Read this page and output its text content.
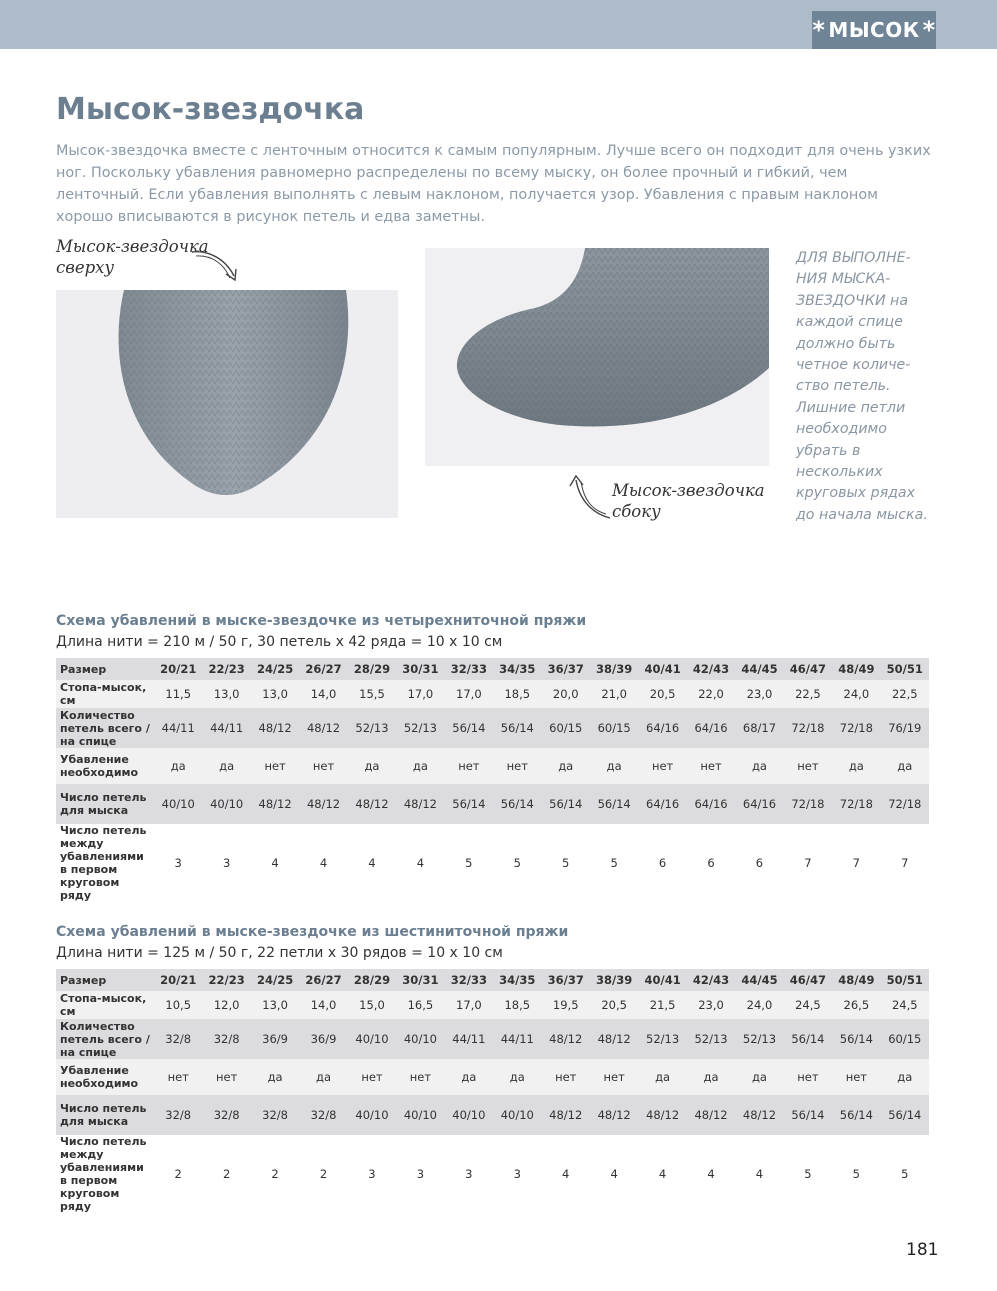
* МЫСОК *
Мысок-звездочка

Мысок-звездочка вместе с ленточным относится к самым популярным. Лучше всего он подходит для очень узких ног. Поскольку убавления равномерно распределены по всему мыску, он более прочный и гибкий, чем ленточный. Если убавления выполнять с левым наклоном, получается узор. Убавления с правым наклоном хорошо вписываются в рисунок петель и едва заметны.

Мысок-звездочка
сверху
Мысок-звездочка
сбоку

ДЛЯ ВЫПОЛНЕ-НИЯ МЫСКА-ЗВЕЗДОЧКИ на каждой спице должно быть четное количе-ство петель. Лишние петли необходимо убрать в нескольких круговых рядах до начала мыска.

Схема убавлений в мыске-звездочке из четырехниточной пряжи

Длина нити = 210 м / 50 г, 30 петель x 42 ряда = 10 x 10 см

Размер	20/21	22/23	24/25	26/27	28/29	30/31	32/33	34/35	36/37	38/39	40/41	42/43	44/45	46/47	48/49	50/51
Стопа-мысок, см	11,5	13,0	13,0	14,0	15,5	17,0	17,0	18,5	20,0	21,0	20,5	22,0	23,0	22,5	24,0	22,5
Количество петель всего / на спице	44/11	44/11	48/12	48/12	52/13	52/13	56/14	56/14	60/15	60/15	64/16	64/16	68/17	72/18	72/18	76/19
Убавление необходимо	да	да	нет	нет	да	да	нет	нет	да	да	нет	нет	да	нет	да	да
Число петель для мыска	40/10	40/10	48/12	48/12	48/12	48/12	56/14	56/14	56/14	56/14	64/16	64/16	64/16	72/18	72/18	72/18
Число петель между убавлениями в первом круговом ряду	3	3	4	4	4	4	5	5	5	5	6	6	6	7	7	7
Схема убавлений в мыске-звездочке из шестиниточной пряжи

Длина нити = 125 м / 50 г, 22 петли x 30 рядов = 10 x 10 см

Размер	20/21	22/23	24/25	26/27	28/29	30/31	32/33	34/35	36/37	38/39	40/41	42/43	44/45	46/47	48/49	50/51
Стопа-мысок, см	10,5	12,0	13,0	14,0	15,0	16,5	17,0	18,5	19,5	20,5	21,5	23,0	24,0	24,5	26,5	24,5
Количество петель всего / на спице	32/8	32/8	36/9	36/9	40/10	40/10	44/11	44/11	48/12	48/12	52/13	52/13	52/13	56/14	56/14	60/15
Убавление необходимо	нет	нет	да	да	нет	нет	да	да	нет	нет	да	да	да	нет	нет	да
Число петель для мыска	32/8	32/8	32/8	32/8	40/10	40/10	40/10	40/10	48/12	48/12	48/12	48/12	48/12	56/14	56/14	56/14
Число петель между убавлениями в первом круговом ряду	2	2	2	2	3	3	3	3	4	4	4	4	4	5	5	5
181
